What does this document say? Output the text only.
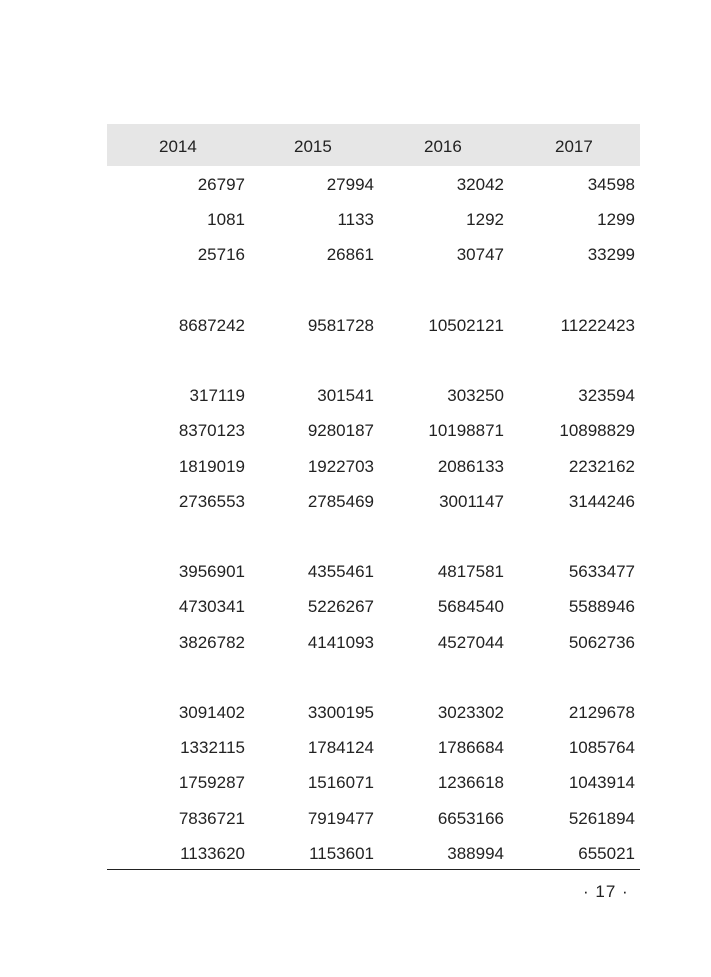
2014	2015	2016	2017
26797	27994	32042	34598
1081	1133	1292	1299
25716	26861	30747	33299
8687242	9581728	10502121	11222423
317119	301541	303250	323594
8370123	9280187	10198871	10898829
1819019	1922703	2086133	2232162
2736553	2785469	3001147	3144246
3956901	4355461	4817581	5633477
4730341	5226267	5684540	5588946
3826782	4141093	4527044	5062736
3091402	3300195	3023302	2129678
1332115	1784124	1786684	1085764
1759287	1516071	1236618	1043914
7836721	7919477	6653166	5261894
1133620	1153601	388994	655021
· 17 ·
